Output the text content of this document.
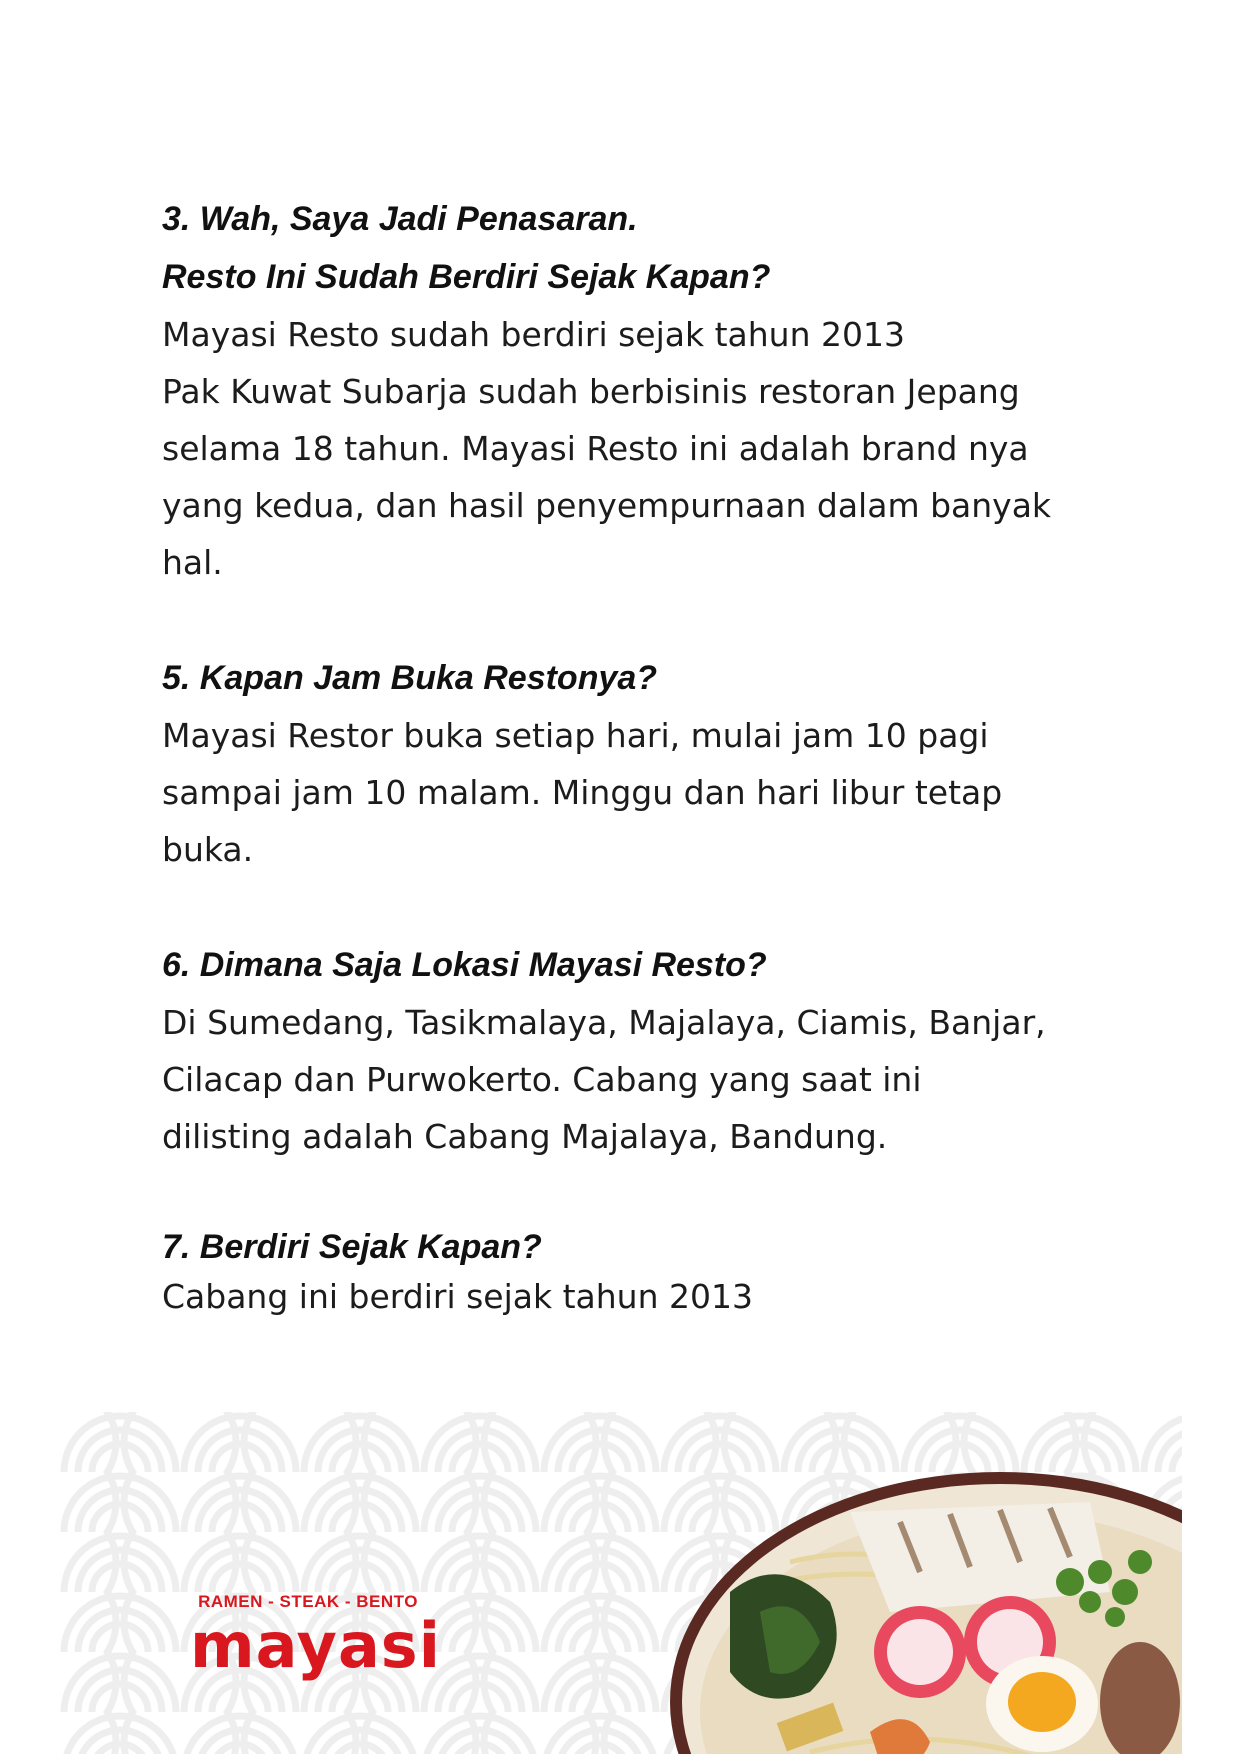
3. Wah, Saya Jadi Penasaran.

Resto Ini Sudah Berdiri Sejak Kapan?

Mayasi Resto sudah berdiri sejak tahun 2013

Pak Kuwat Subarja sudah berbisinis restoran Jepang

selama 18 tahun. Mayasi Resto ini adalah brand nya

yang kedua, dan hasil penyempurnaan dalam banyak

hal.

5. Kapan Jam Buka Restonya?

Mayasi Restor buka setiap hari, mulai jam 10 pagi

sampai jam 10 malam. Minggu dan hari libur tetap

buka.

6. Dimana Saja Lokasi Mayasi Resto?

Di Sumedang, Tasikmalaya, Majalaya, Ciamis, Banjar,

Cilacap dan Purwokerto. Cabang yang saat ini

dilisting adalah Cabang Majalaya, Bandung.

7. Berdiri Sejak Kapan?

Cabang ini berdiri sejak tahun 2013

RAMEN - STEAK - BENTO
mayasi
